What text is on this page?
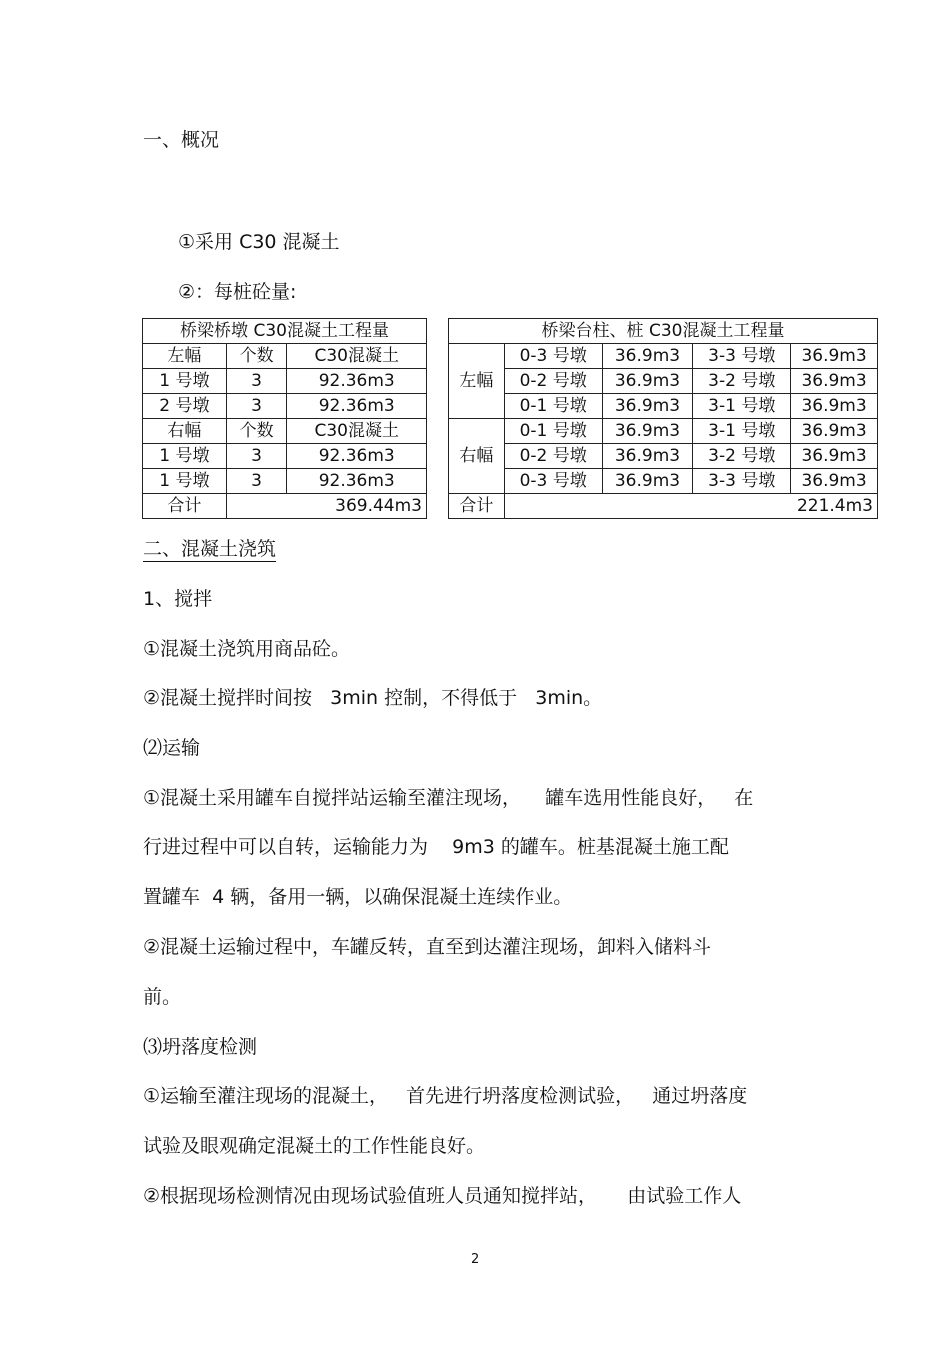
一、概况
①采用 C30 混凝土
②：每桩砼量:
桥梁桥墩 C30混凝土工程量		
左幅	个数	C30混凝土
1 号墩	3	92.36m3
2 号墩	3	92.36m3
右幅	个数	C30混凝土
1 号墩	3	92.36m3
1 号墩	3	92.36m3
合计	369.44m3	
桥梁台柱、桩 C30混凝土工程量				
左幅	0-3 号墩	36.9m3	3-3 号墩	36.9m3
	0-2 号墩	36.9m3	3-2 号墩	36.9m3
	0-1 号墩	36.9m3	3-1 号墩	36.9m3
右幅	0-1 号墩	36.9m3	3-1 号墩	36.9m3
	0-2 号墩	36.9m3	3-2 号墩	36.9m3
	0-3 号墩	36.9m3	3-3 号墩	36.9m3
合计	221.4m3			
二、混凝土浇筑
1、搅拌
①混凝土浇筑用商品砼。
②混凝土搅拌时间按   3min 控制，不得低于   3min。
⑵运输
①混凝土采用罐车自搅拌站运输至灌注现场，    罐车选用性能良好，   在
行进过程中可以自转，运输能力为    9m3 的罐车。桩基混凝土施工配
置罐车  4 辆，备用一辆，以确保混凝土连续作业。
②混凝土运输过程中，车罐反转，直至到达灌注现场，卸料入储料斗
前。
⑶坍落度检测
①运输至灌注现场的混凝土，   首先进行坍落度检测试验，   通过坍落度
试验及眼观确定混凝土的工作性能良好。
②根据现场检测情况由现场试验值班人员通知搅拌站，     由试验工作人
2
